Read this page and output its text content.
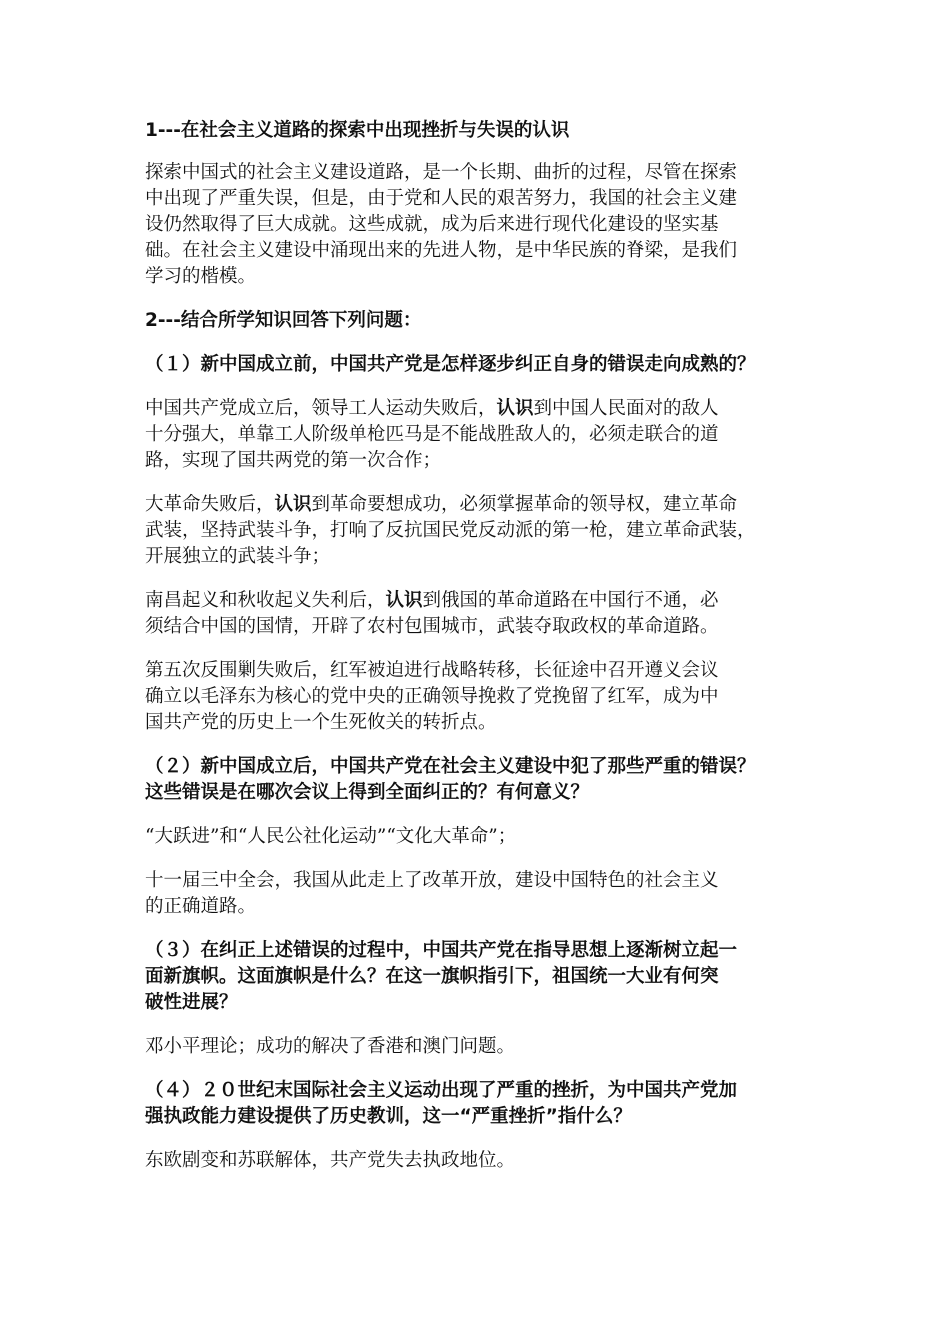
1---在社会主义道路的探索中出现挫折与失误的认识

探索中国式的社会主义建设道路，是一个长期、曲折的过程，尽管在探索
中出现了严重失误，但是，由于党和人民的艰苦努力，我国的社会主义建
设仍然取得了巨大成就。这些成就，成为后来进行现代化建设的坚实基
础。在社会主义建设中涌现出来的先进人物，是中华民族的脊梁，是我们
学习的楷模。

2---结合所学知识回答下列问题：

（１）新中国成立前，中国共产党是怎样逐步纠正自身的错误走向成熟的？

中国共产党成立后，领导工人运动失败后，认识到中国人民面对的敌人
十分强大，单靠工人阶级单枪匹马是不能战胜敌人的，必须走联合的道
路，实现了国共两党的第一次合作；

大革命失败后，认识到革命要想成功，必须掌握革命的领导权，建立革命
武装，坚持武装斗争，打响了反抗国民党反动派的第一枪，建立革命武装，
开展独立的武装斗争；

南昌起义和秋收起义失利后，认识到俄国的革命道路在中国行不通，必
须结合中国的国情，开辟了农村包围城市，武装夺取政权的革命道路。

第五次反围剿失败后，红军被迫进行战略转移，长征途中召开遵义会议
确立以毛泽东为核心的党中央的正确领导挽救了党挽留了红军，成为中
国共产党的历史上一个生死攸关的转折点。

（２）新中国成立后，中国共产党在社会主义建设中犯了那些严重的错误？
这些错误是在哪次会议上得到全面纠正的？有何意义？

“大跃进”和“人民公社化运动”“文化大革命”；

十一届三中全会，我国从此走上了改革开放，建设中国特色的社会主义
的正确道路。

（３）在纠正上述错误的过程中，中国共产党在指导思想上逐渐树立起一
面新旗帜。这面旗帜是什么？在这一旗帜指引下，祖国统一大业有何突
破性进展？

邓小平理论；成功的解决了香港和澳门问题。

（４）２０世纪末国际社会主义运动出现了严重的挫折，为中国共产党加
强执政能力建设提供了历史教训，这一“严重挫折”指什么？

东欧剧变和苏联解体，共产党失去执政地位。
